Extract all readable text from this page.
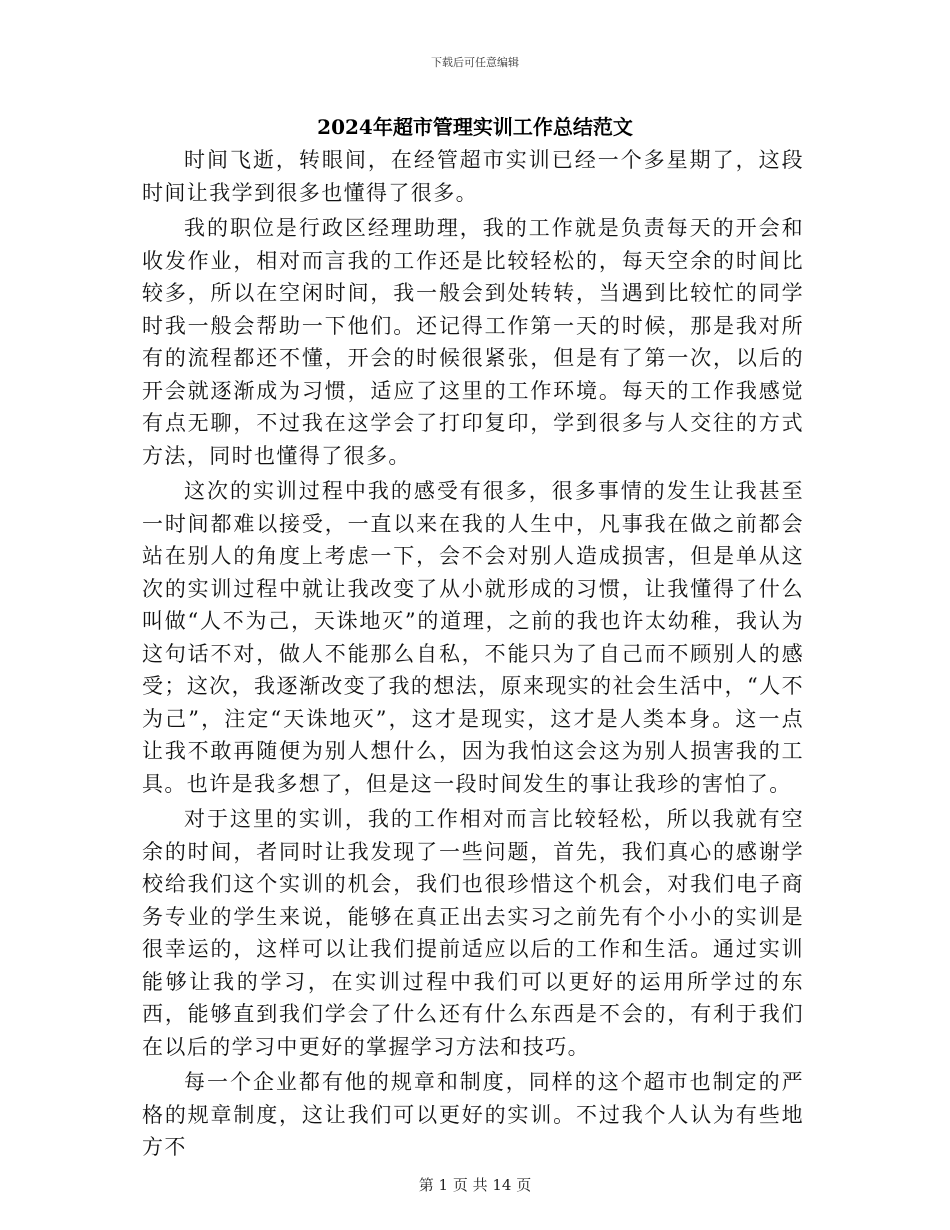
下载后可任意编辑
2024年超市管理实训工作总结范文

时间飞逝，转眼间，在经管超市实训已经一个多星期了，这段时间让我学到很多也懂得了很多。

我的职位是行政区经理助理，我的工作就是负责每天的开会和收发作业，相对而言我的工作还是比较轻松的，每天空余的时间比较多，所以在空闲时间，我一般会到处转转，当遇到比较忙的同学时我一般会帮助一下他们。还记得工作第一天的时候，那是我对所有的流程都还不懂，开会的时候很紧张，但是有了第一次，以后的开会就逐渐成为习惯，适应了这里的工作环境。每天的工作我感觉有点无聊，不过我在这学会了打印复印，学到很多与人交往的方式方法，同时也懂得了很多。

这次的实训过程中我的感受有很多，很多事情的发生让我甚至一时间都难以接受，一直以来在我的人生中，凡事我在做之前都会站在别人的角度上考虑一下，会不会对别人造成损害，但是单从这次的实训过程中就让我改变了从小就形成的习惯，让我懂得了什么叫做“人不为己，天诛地灭”的道理，之前的我也许太幼稚，我认为这句话不对，做人不能那么自私，不能只为了自己而不顾别人的感受；这次，我逐渐改变了我的想法，原来现实的社会生活中，“人不为己”，注定“天诛地灭”，这才是现实，这才是人类本身。这一点让我不敢再随便为别人想什么，因为我怕这会这为别人损害我的工具。也许是我多想了，但是这一段时间发生的事让我珍的害怕了。

对于这里的实训，我的工作相对而言比较轻松，所以我就有空余的时间，者同时让我发现了一些问题，首先，我们真心的感谢学校给我们这个实训的机会，我们也很珍惜这个机会，对我们电子商务专业的学生来说，能够在真正出去实习之前先有个小小的实训是很幸运的，这样可以让我们提前适应以后的工作和生活。通过实训能够让我的学习，在实训过程中我们可以更好的运用所学过的东西，能够直到我们学会了什么还有什么东西是不会的，有利于我们在以后的学习中更好的掌握学习方法和技巧。

每一个企业都有他的规章和制度，同样的这个超市也制定的严格的规章制度，这让我们可以更好的实训。不过我个人认为有些地方不

第 1 页 共 14 页
